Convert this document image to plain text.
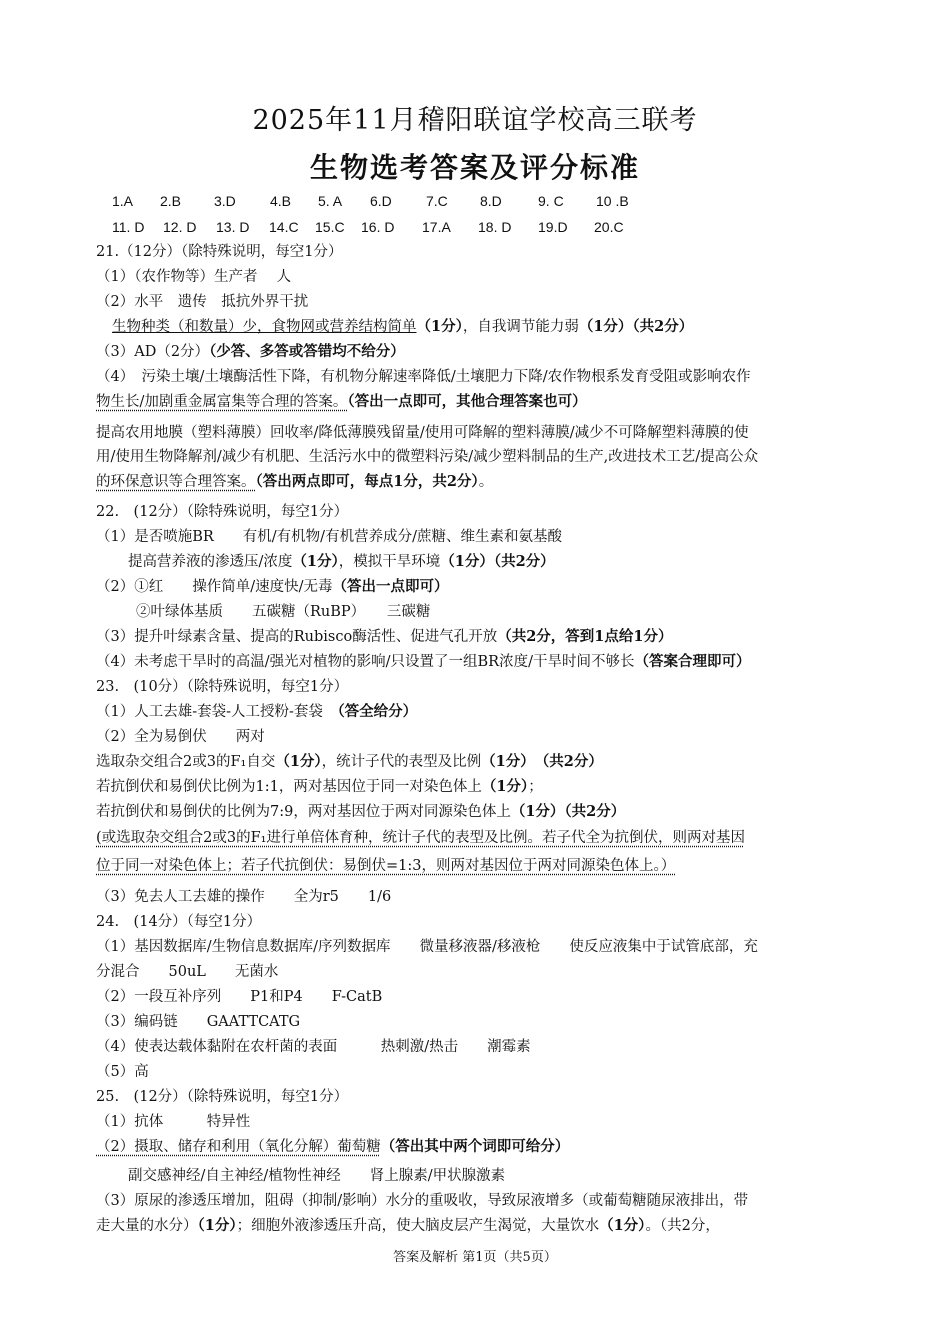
2025年11月稽阳联谊学校高三联考
生物选考答案及评分标准
1.A 2.B 3.D 4.B 5. A 6.D 7.C 8.D	9. C 10 .B
11. D 12. D 13. D 14.C 15.C 16. D 17.A 18. D 19.D 20.C
21.（12分）（除特殊说明，每空1分）
（1）（农作物等）生产者　 人
（2）水平　遗传　抵抗外界干扰
生物种类（和数量）少，食物网或营养结构简单（1分），自我调节能力弱（1分）（共2分）
（3）AD（2分）（少答、多答或答错均不给分）
（4）　污染土壤/土壤酶活性下降，有机物分解速率降低/土壤肥力下降/农作物根系发育受阻或影响农作
物生长/加剧重金属富集等合理的答案。（答出一点即可，其他合理答案也可）
提高农用地膜（塑料薄膜）回收率/降低薄膜残留量/使用可降解的塑料薄膜/减少不可降解塑料薄膜的使
用/使用生物降解剂/减少有机肥、生活污水中的微塑料污染/减少塑料制品的生产,改进技术工艺/提高公众
的环保意识等合理答案。（答出两点即可，每点1分，共2分）。
22.　(12分）（除特殊说明，每空1分）
（1）是否喷施BR　　有机/有机物/有机营养成分/蔗糖、维生素和氨基酸
提高营养液的渗透压/浓度（1分），模拟干旱环境（1分）（共2分）
（2）①红　　操作简单/速度快/无毒（答出一点即可）
②叶绿体基质　　五碳糖（RuBP）　　三碳糖
（3）提升叶绿素含量、提高的Rubisco酶活性、促进气孔开放（共2分，答到1点给1分）
（4）未考虑干旱时的高温/强光对植物的影响/只设置了一组BR浓度/干旱时间不够长（答案合理即可）
23.　(10分）（除特殊说明，每空1分）
（1）人工去雄-套袋-人工授粉-套袋　（答全给分）
（2）全为易倒伏　　两对
选取杂交组合2或3的F₁自交（1分），统计子代的表型及比例（1分）　（共2分）
若抗倒伏和易倒伏比例为1:1，两对基因位于同一对染色体上（1分）；
若抗倒伏和易倒伏的比例为7:9，两对基因位于两对同源染色体上（1分）（共2分）
(或选取杂交组合2或3的F₁进行单倍体育种，统计子代的表型及比例。若子代全为抗倒伏，则两对基因
位于同一对染色体上；若子代抗倒伏：易倒伏=1:3，则两对基因位于两对同源染色体上。）
（3）免去人工去雄的操作　　全为r5　　1/6
24.　(14分）（每空1分）
（1）基因数据库/生物信息数据库/序列数据库　　微量移液器/移液枪　　使反应液集中于试管底部，充
分混合　　50uL　　无菌水
（2）一段互补序列　　P1和P4　　F-CatB
（3）编码链　　GAATTCATG
（4）使表达载体黏附在农杆菌的表面　　　热刺激/热击　　潮霉素
（5）高
25.　(12分）（除特殊说明，每空1分）
（1）抗体　　　特异性
（2）摄取、储存和利用（氧化分解）葡萄糖（答出其中两个词即可给分）
副交感神经/自主神经/植物性神经　　肾上腺素/甲状腺激素
（3）原尿的渗透压增加，阻碍（抑制/影响）水分的重吸收，导致尿液增多（或葡萄糖随尿液排出，带
走大量的水分）（1分）；细胞外液渗透压升高，使大脑皮层产生渴觉，大量饮水（1分）。（共2分，
答案及解析 第1页（共5页）
